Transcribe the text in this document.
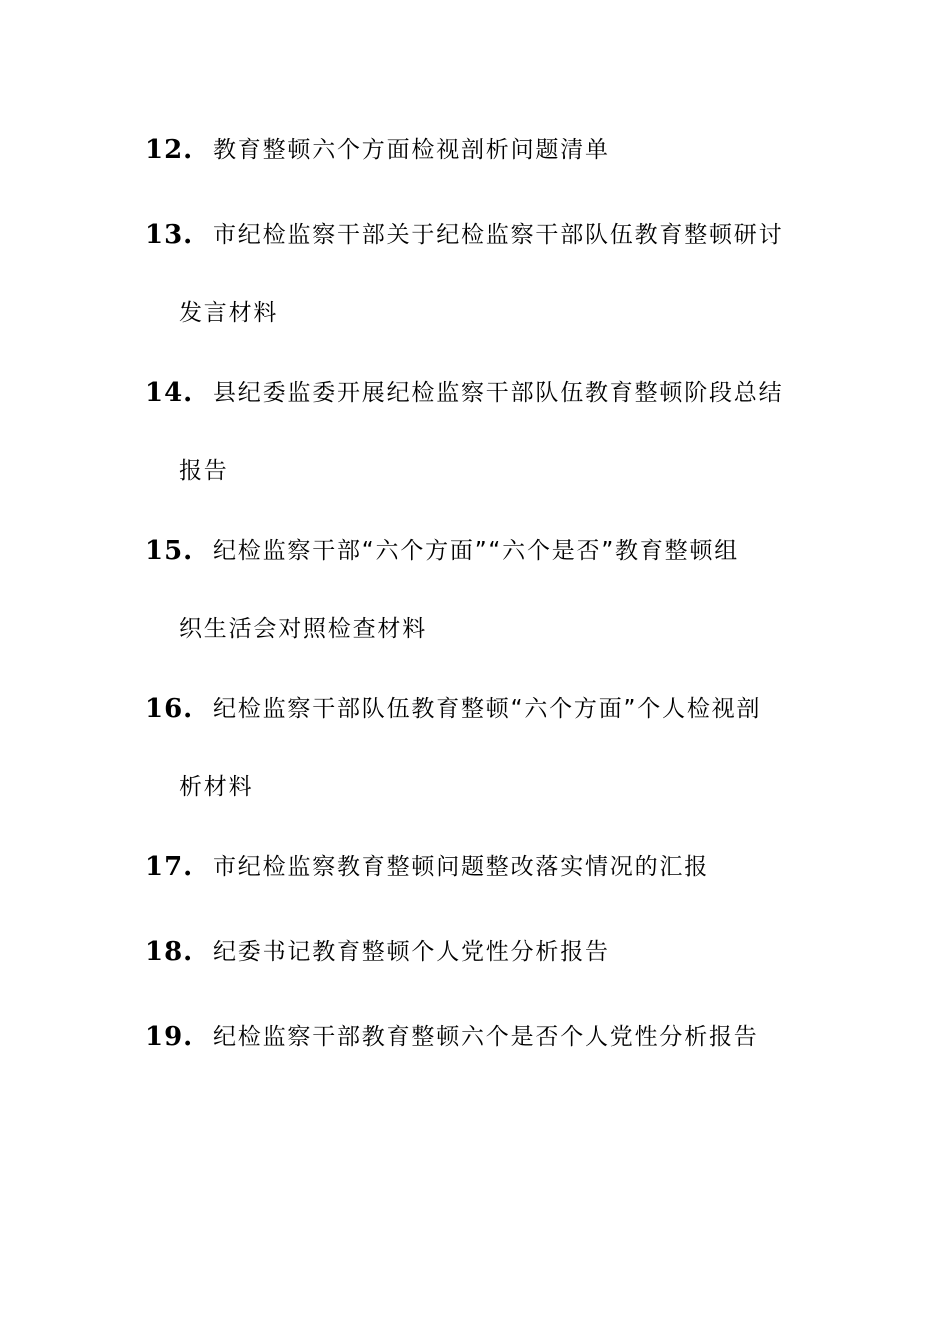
12. 教育整顿六个方面检视剖析问题清单
13. 市纪检监察干部关于纪检监察干部队伍教育整顿研讨
发言材料
14. 县纪委监委开展纪检监察干部队伍教育整顿阶段总结
报告
15. 纪检监察干部“六个方面”“六个是否”教育整顿组
织生活会对照检查材料
16. 纪检监察干部队伍教育整顿“六个方面”个人检视剖
析材料
17. 市纪检监察教育整顿问题整改落实情况的汇报
18. 纪委书记教育整顿个人党性分析报告
19. 纪检监察干部教育整顿六个是否个人党性分析报告
